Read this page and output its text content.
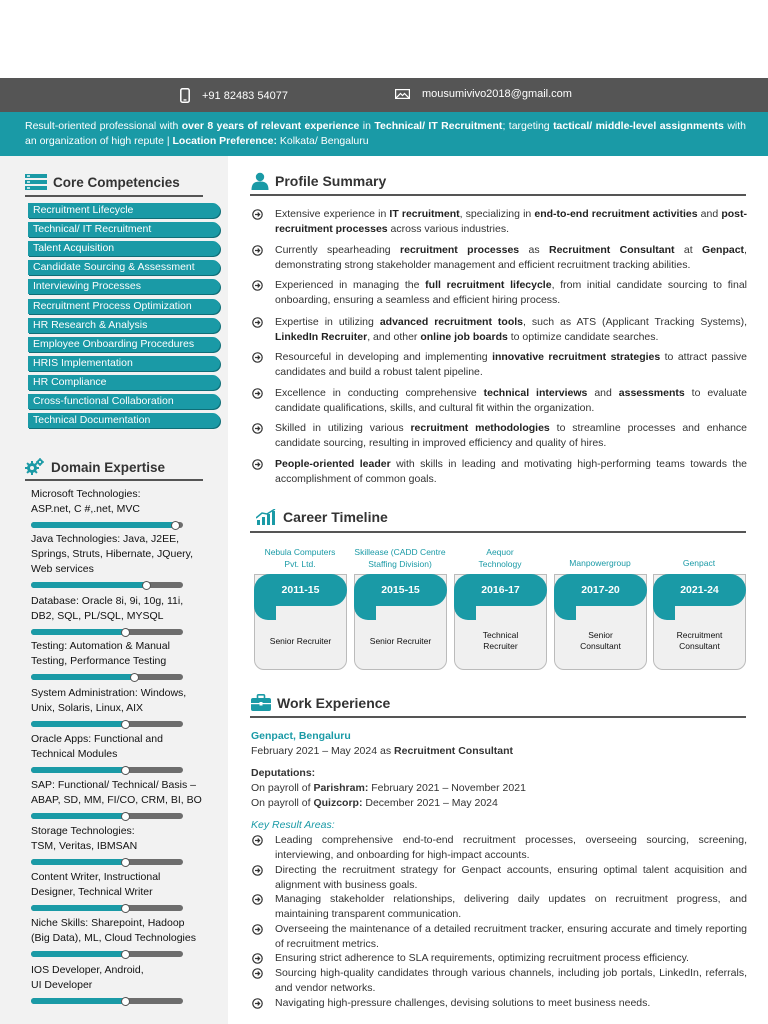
+91 82483 54077	mousumivivo2018@gmail.com
Result-oriented professional with over 8 years of relevant experience in Technical/ IT Recruitment; targeting tactical/ middle-level assignments with an organization of high repute | Location Preference: Kolkata/ Bengaluru
Core Competencies
Recruitment Lifecycle
Technical/ IT Recruitment
Talent Acquisition
Candidate Sourcing & Assessment
Interviewing Processes
Recruitment Process Optimization
HR Research & Analysis
Employee Onboarding Procedures
HRIS Implementation
HR Compliance
Cross-functional Collaboration
Technical Documentation
Domain Expertise
Microsoft Technologies:
ASP.net, C #,.net, MVC
Java Technologies: Java, J2EE,
Springs, Struts, Hibernate, JQuery,
Web services
Database: Oracle 8i, 9i, 10g, 11i,
DB2, SQL, PL/SQL, MYSQL
Testing: Automation & Manual
Testing, Performance Testing
System Administration: Windows,
Unix, Solaris, Linux, AIX
Oracle Apps: Functional and
Technical Modules
SAP: Functional/ Technical/ Basis –
ABAP, SD, MM, FI/CO, CRM, BI, BO
Storage Technologies:
TSM, Veritas, IBMSAN
Content Writer, Instructional
Designer, Technical Writer
Niche Skills: Sharepoint, Hadoop
(Big Data), ML, Cloud Technologies
IOS Developer, Android,
UI Developer
Profile Summary
Extensive experience in IT recruitment, specializing in end-to-end recruitment activities and post-recruitment processes across various industries.
Currently spearheading recruitment processes as Recruitment Consultant at Genpact, demonstrating strong stakeholder management and efficient recruitment tracking abilities.
Experienced in managing the full recruitment lifecycle, from initial candidate sourcing to final onboarding, ensuring a seamless and efficient hiring process.
Expertise in utilizing advanced recruitment tools, such as ATS (Applicant Tracking Systems), LinkedIn Recruiter, and other online job boards to optimize candidate searches.
Resourceful in developing and implementing innovative recruitment strategies to attract passive candidates and build a robust talent pipeline.
Excellence in conducting comprehensive technical interviews and assessments to evaluate candidate qualifications, skills, and cultural fit within the organization.
Skilled in utilizing various recruitment methodologies to streamline processes and enhance candidate sourcing, resulting in improved efficiency and quality of hires.
People-oriented leader with skills in leading and motivating high-performing teams towards the accomplishment of common goals.
Career Timeline
Nebula Computers
Pvt. Ltd.
2011-15
Senior Recruiter
Skillease (CADD Centre
Staffing Division)
2015-15
Senior Recruiter
Aequor
Technology
2016-17
Technical
Recruiter
Manpowergroup
2017-20
Senior
Consultant
Genpact
2021-24
Recruitment
Consultant
Work Experience
Genpact, Bengaluru
February 2021 – May 2024 as Recruitment Consultant
Deputations:
On payroll of Parishram: February 2021 – November 2021
On payroll of Quizcorp: December 2021 – May 2024
Key Result Areas:
Leading comprehensive end-to-end recruitment processes, overseeing sourcing, screening, interviewing, and onboarding for high-impact accounts.
Directing the recruitment strategy for Genpact accounts, ensuring optimal talent acquisition and alignment with business goals.
Managing stakeholder relationships, delivering daily updates on recruitment progress, and maintaining transparent communication.
Overseeing the maintenance of a detailed recruitment tracker, ensuring accurate and timely reporting of recruitment metrics.
Ensuring strict adherence to SLA requirements, optimizing recruitment process efficiency.
Sourcing high-quality candidates through various channels, including job portals, LinkedIn, referrals, and vendor networks.
Navigating high-pressure challenges, devising solutions to meet business needs.
